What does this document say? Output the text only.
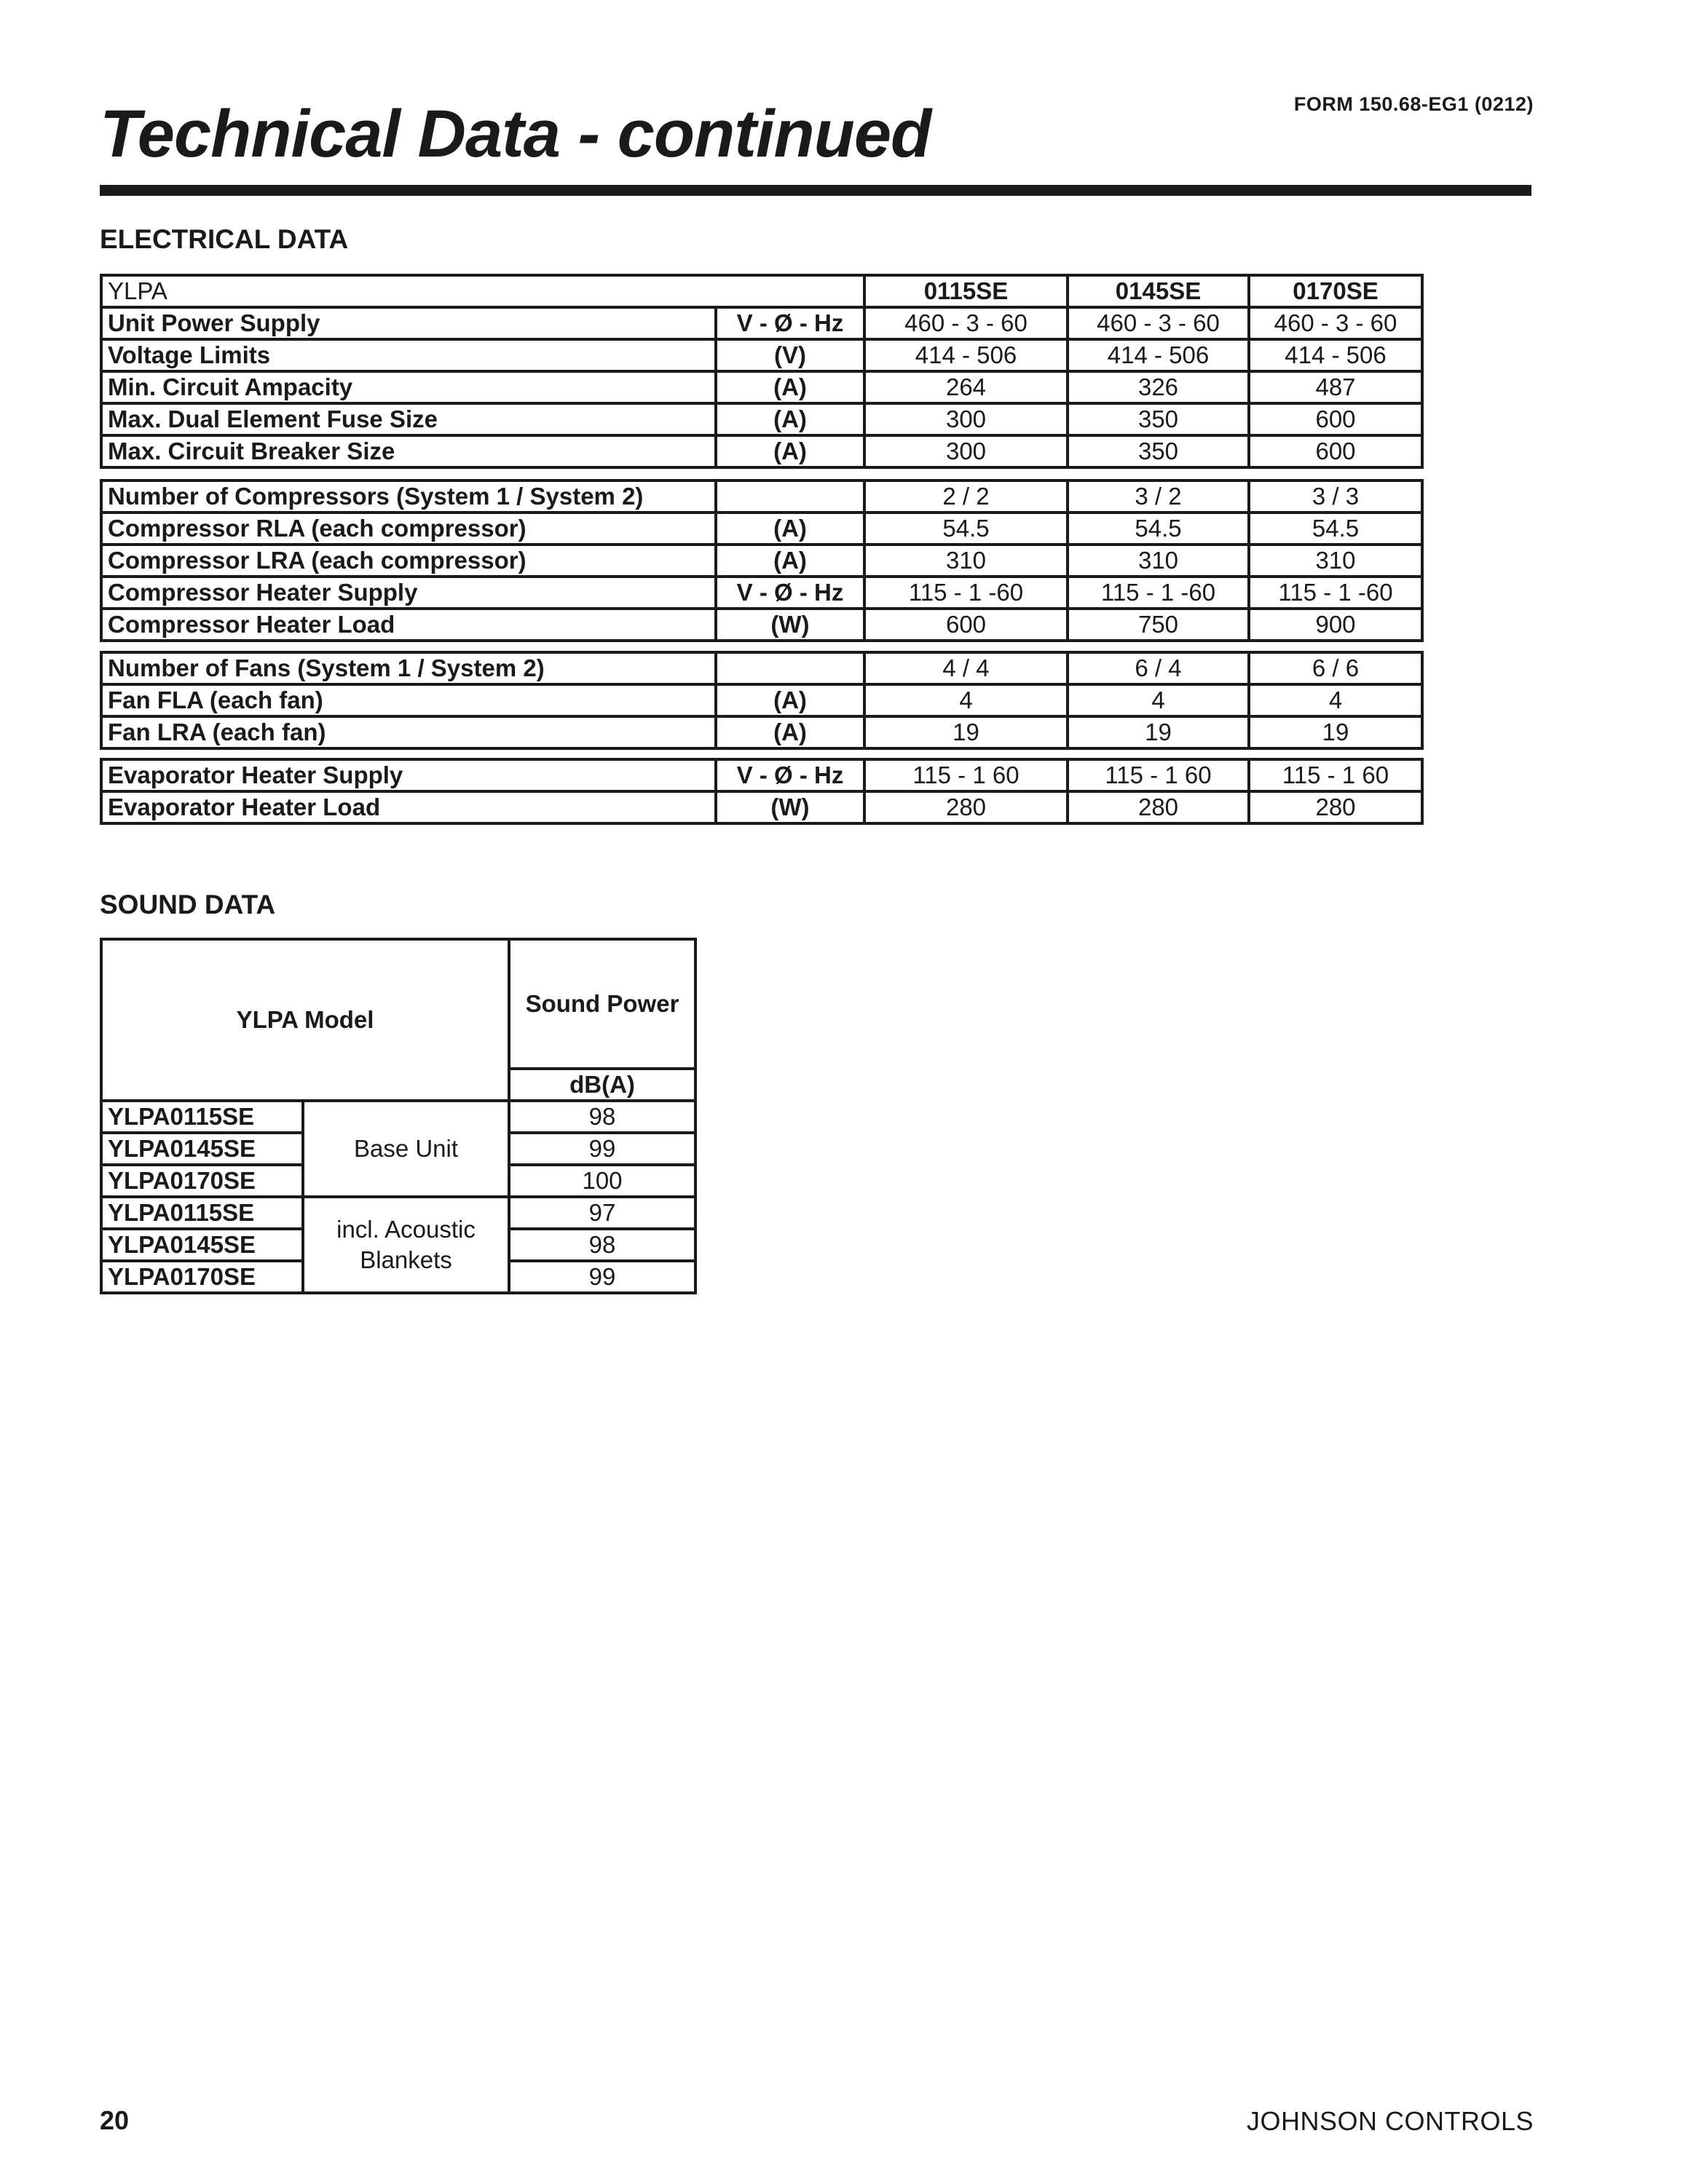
FORM 150.68-EG1 (0212)
Technical Data - continued
ELECTRICAL DATA
YLPA		0115SE	0145SE	0170SE
Unit Power Supply	V - Ø - Hz	460 - 3 - 60	460 - 3 - 60	460 - 3 - 60
Voltage Limits	(V)	414 - 506	414 - 506	414 - 506
Min. Circuit Ampacity	(A)	264	326	487
Max. Dual Element Fuse Size	(A)	300	350	600
Max. Circuit Breaker Size	(A)	300	350	600
Number of Compressors (System 1 / System 2)		2 / 2	3 / 2	3 / 3
Compressor RLA (each compressor)	(A)	54.5	54.5	54.5
Compressor LRA (each compressor)	(A)	310	310	310
Compressor Heater Supply	V - Ø - Hz	115 - 1 -60	115 - 1 -60	115 - 1 -60
Compressor Heater Load	(W)	600	750	900
Number of Fans (System 1 / System 2)		4 / 4	6 / 4	6 / 6
Fan FLA (each fan)	(A)	4	4	4
Fan LRA (each fan)	(A)	19	19	19
Evaporator Heater Supply	V - Ø - Hz	115 - 1 60	115 - 1 60	115 - 1 60
Evaporator Heater Load	(W)	280	280	280
SOUND DATA
YLPA Model		Sound Power
		dB(A)
YLPA0115SE	Base Unit	98
YLPA0145SE		99
YLPA0170SE		100
YLPA0115SE	incl. Acoustic Blankets	97
YLPA0145SE		98
YLPA0170SE		99
20	JOHNSON CONTROLS
